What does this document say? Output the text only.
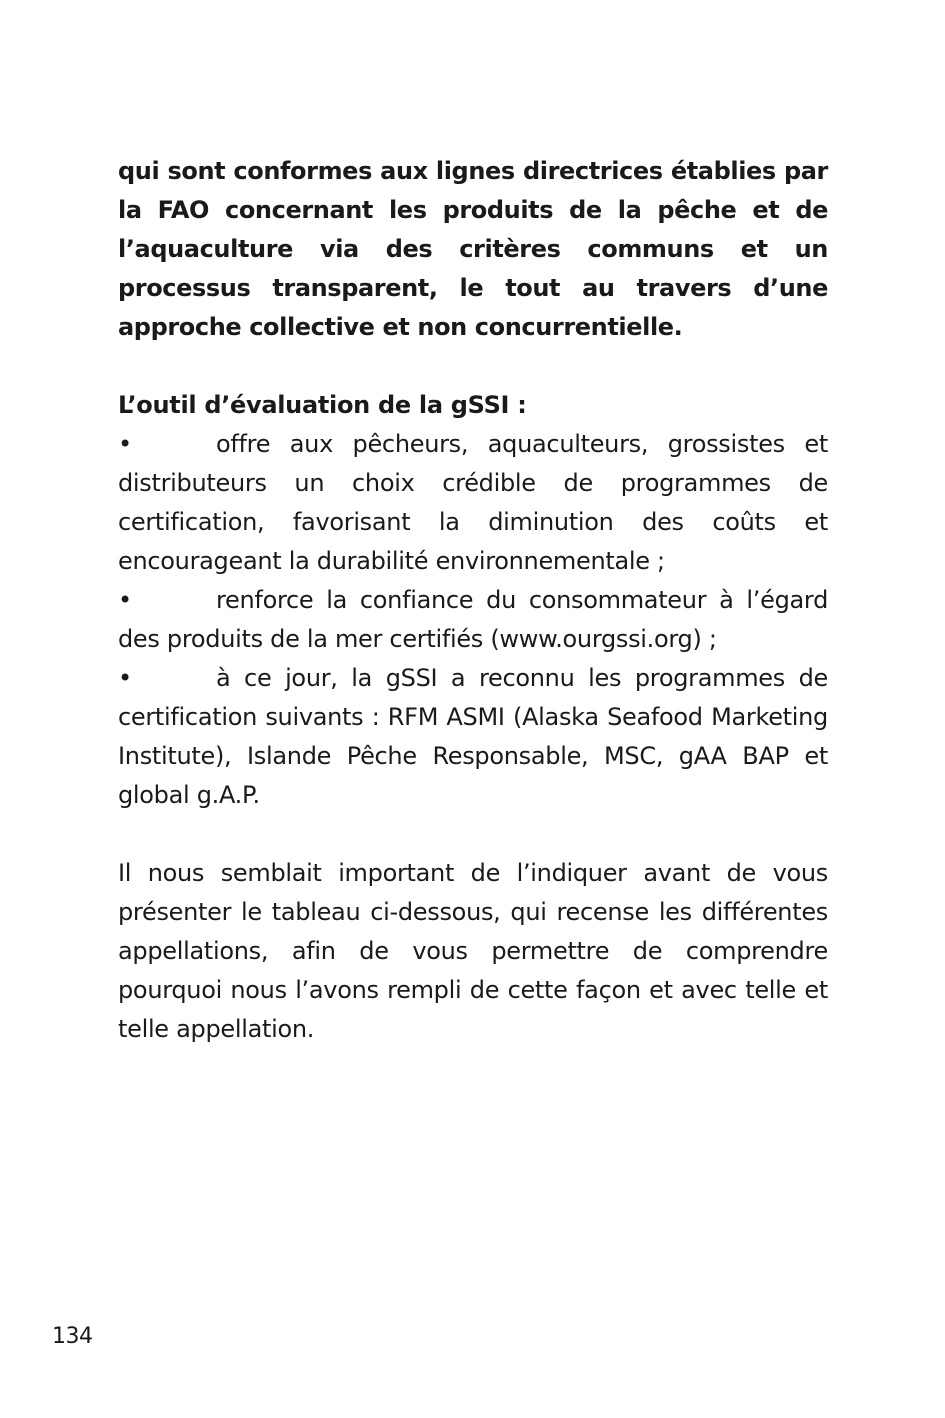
qui sont conformes aux lignes directrices établies par la FAO concernant les produits de la pêche et de l’aquaculture via des critères communs et un processus transparent, le tout au travers d’une approche collective et non concurrentielle.

L’outil d’évaluation de la gSSI :

•	offre aux pêcheurs, aquaculteurs, grossistes et distributeurs un choix crédible de programmes de certification, favorisant la diminution des coûts et encourageant la durabilité environnementale ;

•	renforce la confiance du consommateur à l’égard des produits de la mer certifiés (www.ourgssi.org) ;

•	à ce jour, la gSSI a reconnu les programmes de certification suivants : RFM ASMI (Alaska Seafood Marketing Institute), Islande Pêche Responsable, MSC, gAA BAP et global g.A.P.

Il nous semblait important de l’indiquer avant de vous présenter le tableau ci-dessous, qui recense les différentes appellations, afin de vous permettre de comprendre pourquoi nous l’avons rempli de cette façon et avec telle et telle appellation.

134
